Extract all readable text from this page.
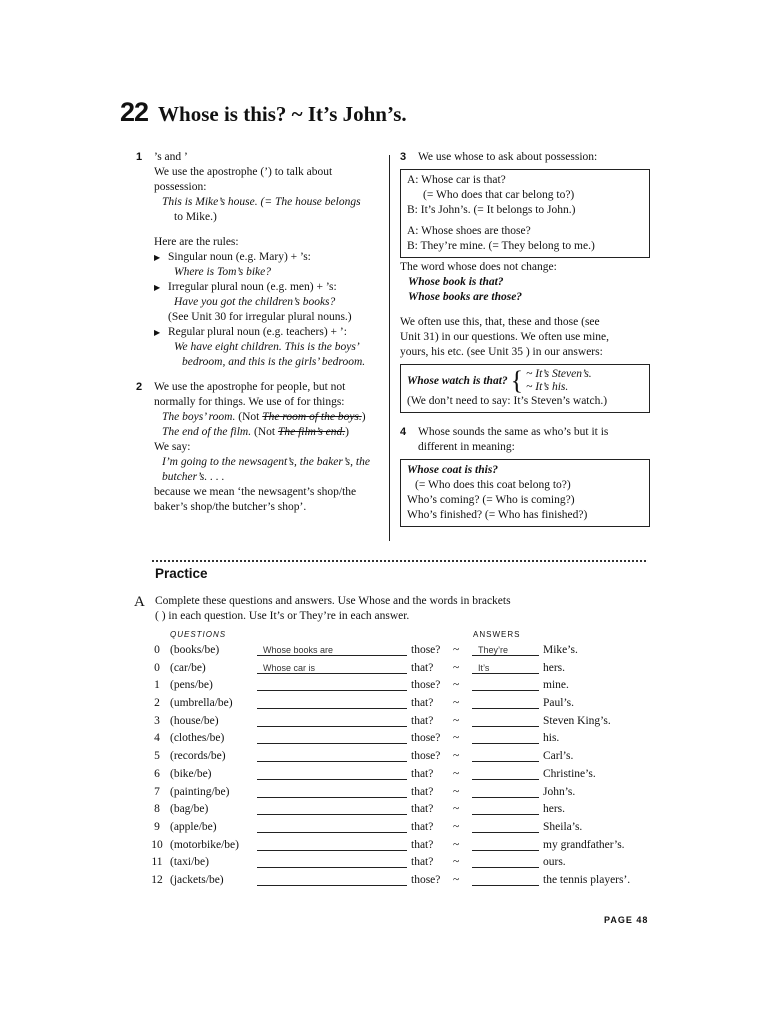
22 Whose is this? ~ It’s John’s.
1 ’s and ’
We use the apostrophe (’) to talk about
possession:
This is Mike’s house. (= The house belongs
to Mike.)
Here are the rules:
▶ Singular noun (e.g. Mary) + ’s:
Where is Tom’s bike?
▶ Irregular plural noun (e.g. men) + ’s:
Have you got the children’s books?
(See Unit 30 for irregular plural nouns.)
▶ Regular plural noun (e.g. teachers) + ’:
We have eight children. This is the boys’
bedroom, and this is the girls’ bedroom.
2 We use the apostrophe for people, but not
normally for things. We use of for things:
The boys’ room. (Not The room of the boys.)
The end of the film. (Not The film’s end.)
We say:
I’m going to the newsagent’s, the baker’s, the
butcher’s. . . .
because we mean ‘the newsagent’s shop/the
baker’s shop/the butcher’s shop’.
3 We use whose to ask about possession:
A: Whose car is that?
(= Who does that car belong to?)
B: It’s John’s. (= It belongs to John.)
A: Whose shoes are those?
B: They’re mine. (= They belong to me.)
The word whose does not change:
Whose book is that?
Whose books are those?
We often use this, that, these and those (see
Unit 31) in our questions. We often use mine,
yours, his etc. (see Unit 35 ) in our answers:
Whose watch is that? { ~ It’s Steven’s.
~ It’s his.
(We don’t need to say: It’s Steven’s watch.)
4 Whose sounds the same as who’s but it is
different in meaning:
Whose coat is this?
(= Who does this coat belong to?)
Who’s coming? (= Who is coming?)
Who’s finished? (= Who has finished?)
Practice
A Complete these questions and answers. Use Whose and the words in brackets
( ) in each question. Use It’s or They’re in each answer.
QUESTIONS	ANSWERS
0 (books/be)	Whose books are	those? ~ They’re	Mike’s.
0 (car/be)	Whose car is	that? ~ It’s	hers.
1 (pens/be)	those? ~	mine.
2 (umbrella/be)	that? ~	Paul’s.
3 (house/be)	that? ~	Steven King’s.
4 (clothes/be)	those? ~	his.
5 (records/be)	those? ~	Carl’s.
6 (bike/be)	that? ~	Christine’s.
7 (painting/be)	that? ~	John’s.
8 (bag/be)	that? ~	hers.
9 (apple/be)	that? ~	Sheila’s.
10 (motorbike/be)	that? ~	my grandfather’s.
11 (taxi/be)	that? ~	ours.
12 (jackets/be)	those? ~	the tennis players’.
PAGE 48
